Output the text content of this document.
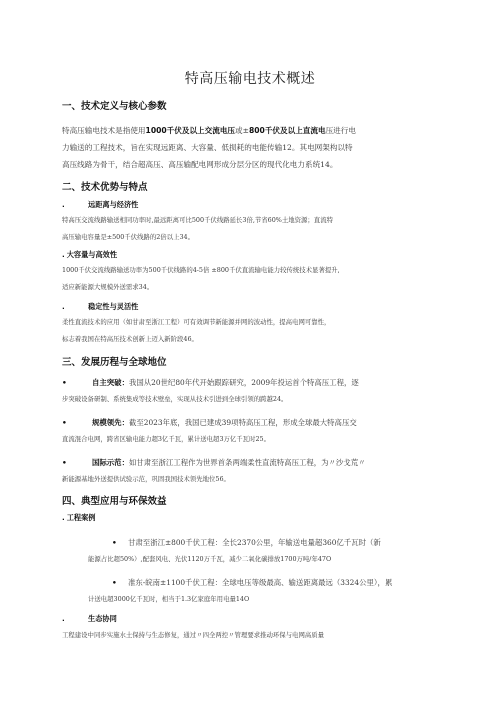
特高压输电技术概述
一、技术定义与核心参数
特高压输电技术是指使用1000千伏及以上交流电压或±800千伏及以上直流电压进行电
力输送的工程技术，旨在实现远距离、大容量、低损耗的电能传输12。其电网架构以特
高压线路为骨干，结合超高压、高压输配电网形成分层分区的现代化电力系统14。
二、技术优势与特点
.	远距离与经济性
特高压交流线路输送相同功率时,最远距离可比500千伏线路延长3倍,节省60%土地资源；直流特
高压输电容量是±500千伏线路的2倍以上34。
. 大容量与高效性
1000千伏交流线路输送功率为500千伏线路的4-5倍 ±800千伏直流输电能力较传统技术显著提升,
适应新能源大规模外送需求34。
.	稳定性与灵活性
柔性直流技术的应用（如甘肃至浙江工程）可有效调节新能源并网的波动性，提高电网可靠性，
标志着我国在特高压技术创新上迈入新阶段46。
三、发展历程与全球地位
•	自主突破：我国从20世纪80年代开始跟踪研究，2009年投运首个特高压工程，逐
步突破设备研制、系统集成等技术壁垒，实现从技术引进到全球引领的跨越24。
•	规模领先：截至2023年底，我国已建成39项特高压工程，形成全球最大特高压交
直流混合电网，跨省区输电能力超3亿千瓦，累计送电超3万亿千瓦时25。
•	国际示范：如甘肃至浙江工程作为世界首条两端柔性直流特高压工程，为〃沙戈荒〃
新能源基地外送提供试验示范，巩固我国技术领先地位56。
四、典型应用与环保效益
. 工程案例
• 甘肃至浙江±800千伏工程：全长2370公里，年输送电量超360亿千瓦时（新
能源占比超50%）,配套风电、光伏1120万千瓦，减少二氧化碳排放1700万吨/年47O
• 准东-皖南±1100千伏工程：全球电压等级最高、输送距离最远（3324公里），累
计送电超3000亿千瓦时，相当于1.3亿家庭年用电量14O
.	生态协同
工程建设中同步实施水土保持与生态修复，通过〃四全两控〃管理要求推动环保与电网高质量
